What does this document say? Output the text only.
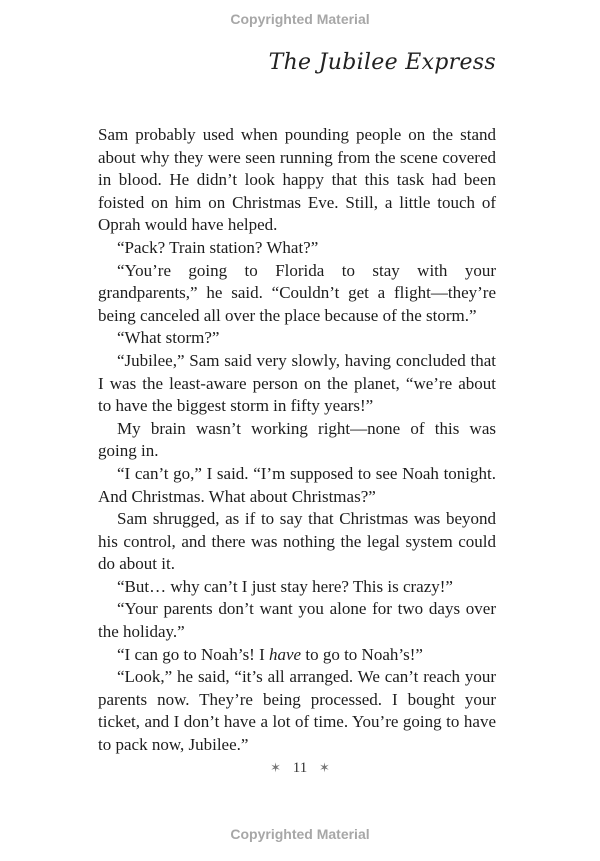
Copyrighted Material
The Jubilee Express

Sam probably used when pounding people on the stand about why they were seen running from the scene covered in blood. He didn’t look happy that this task had been foisted on him on Christmas Eve. Still, a little touch of Oprah would have helped.

“Pack? Train station? What?”

“You’re going to Florida to stay with your grandparents,” he said. “Couldn’t get a flight—they’re being canceled all over the place because of the storm.”

“What storm?”

“Jubilee,” Sam said very slowly, having concluded that I was the least-aware person on the planet, “we’re about to have the biggest storm in fifty years!”

My brain wasn’t working right—none of this was going in.

“I can’t go,” I said. “I’m supposed to see Noah tonight. And Christmas. What about Christmas?”

Sam shrugged, as if to say that Christmas was beyond his control, and there was nothing the legal system could do about it.

“But… why can’t I just stay here? This is crazy!”

“Your parents don’t want you alone for two days over the holiday.”

“I can go to Noah’s! I have to go to Noah’s!”

“Look,” he said, “it’s all arranged. We can’t reach your parents now. They’re being processed. I bought your ticket, and I don’t have a lot of time. You’re going to have to pack now, Jubilee.”

✶ 11 ✶
Copyrighted Material
